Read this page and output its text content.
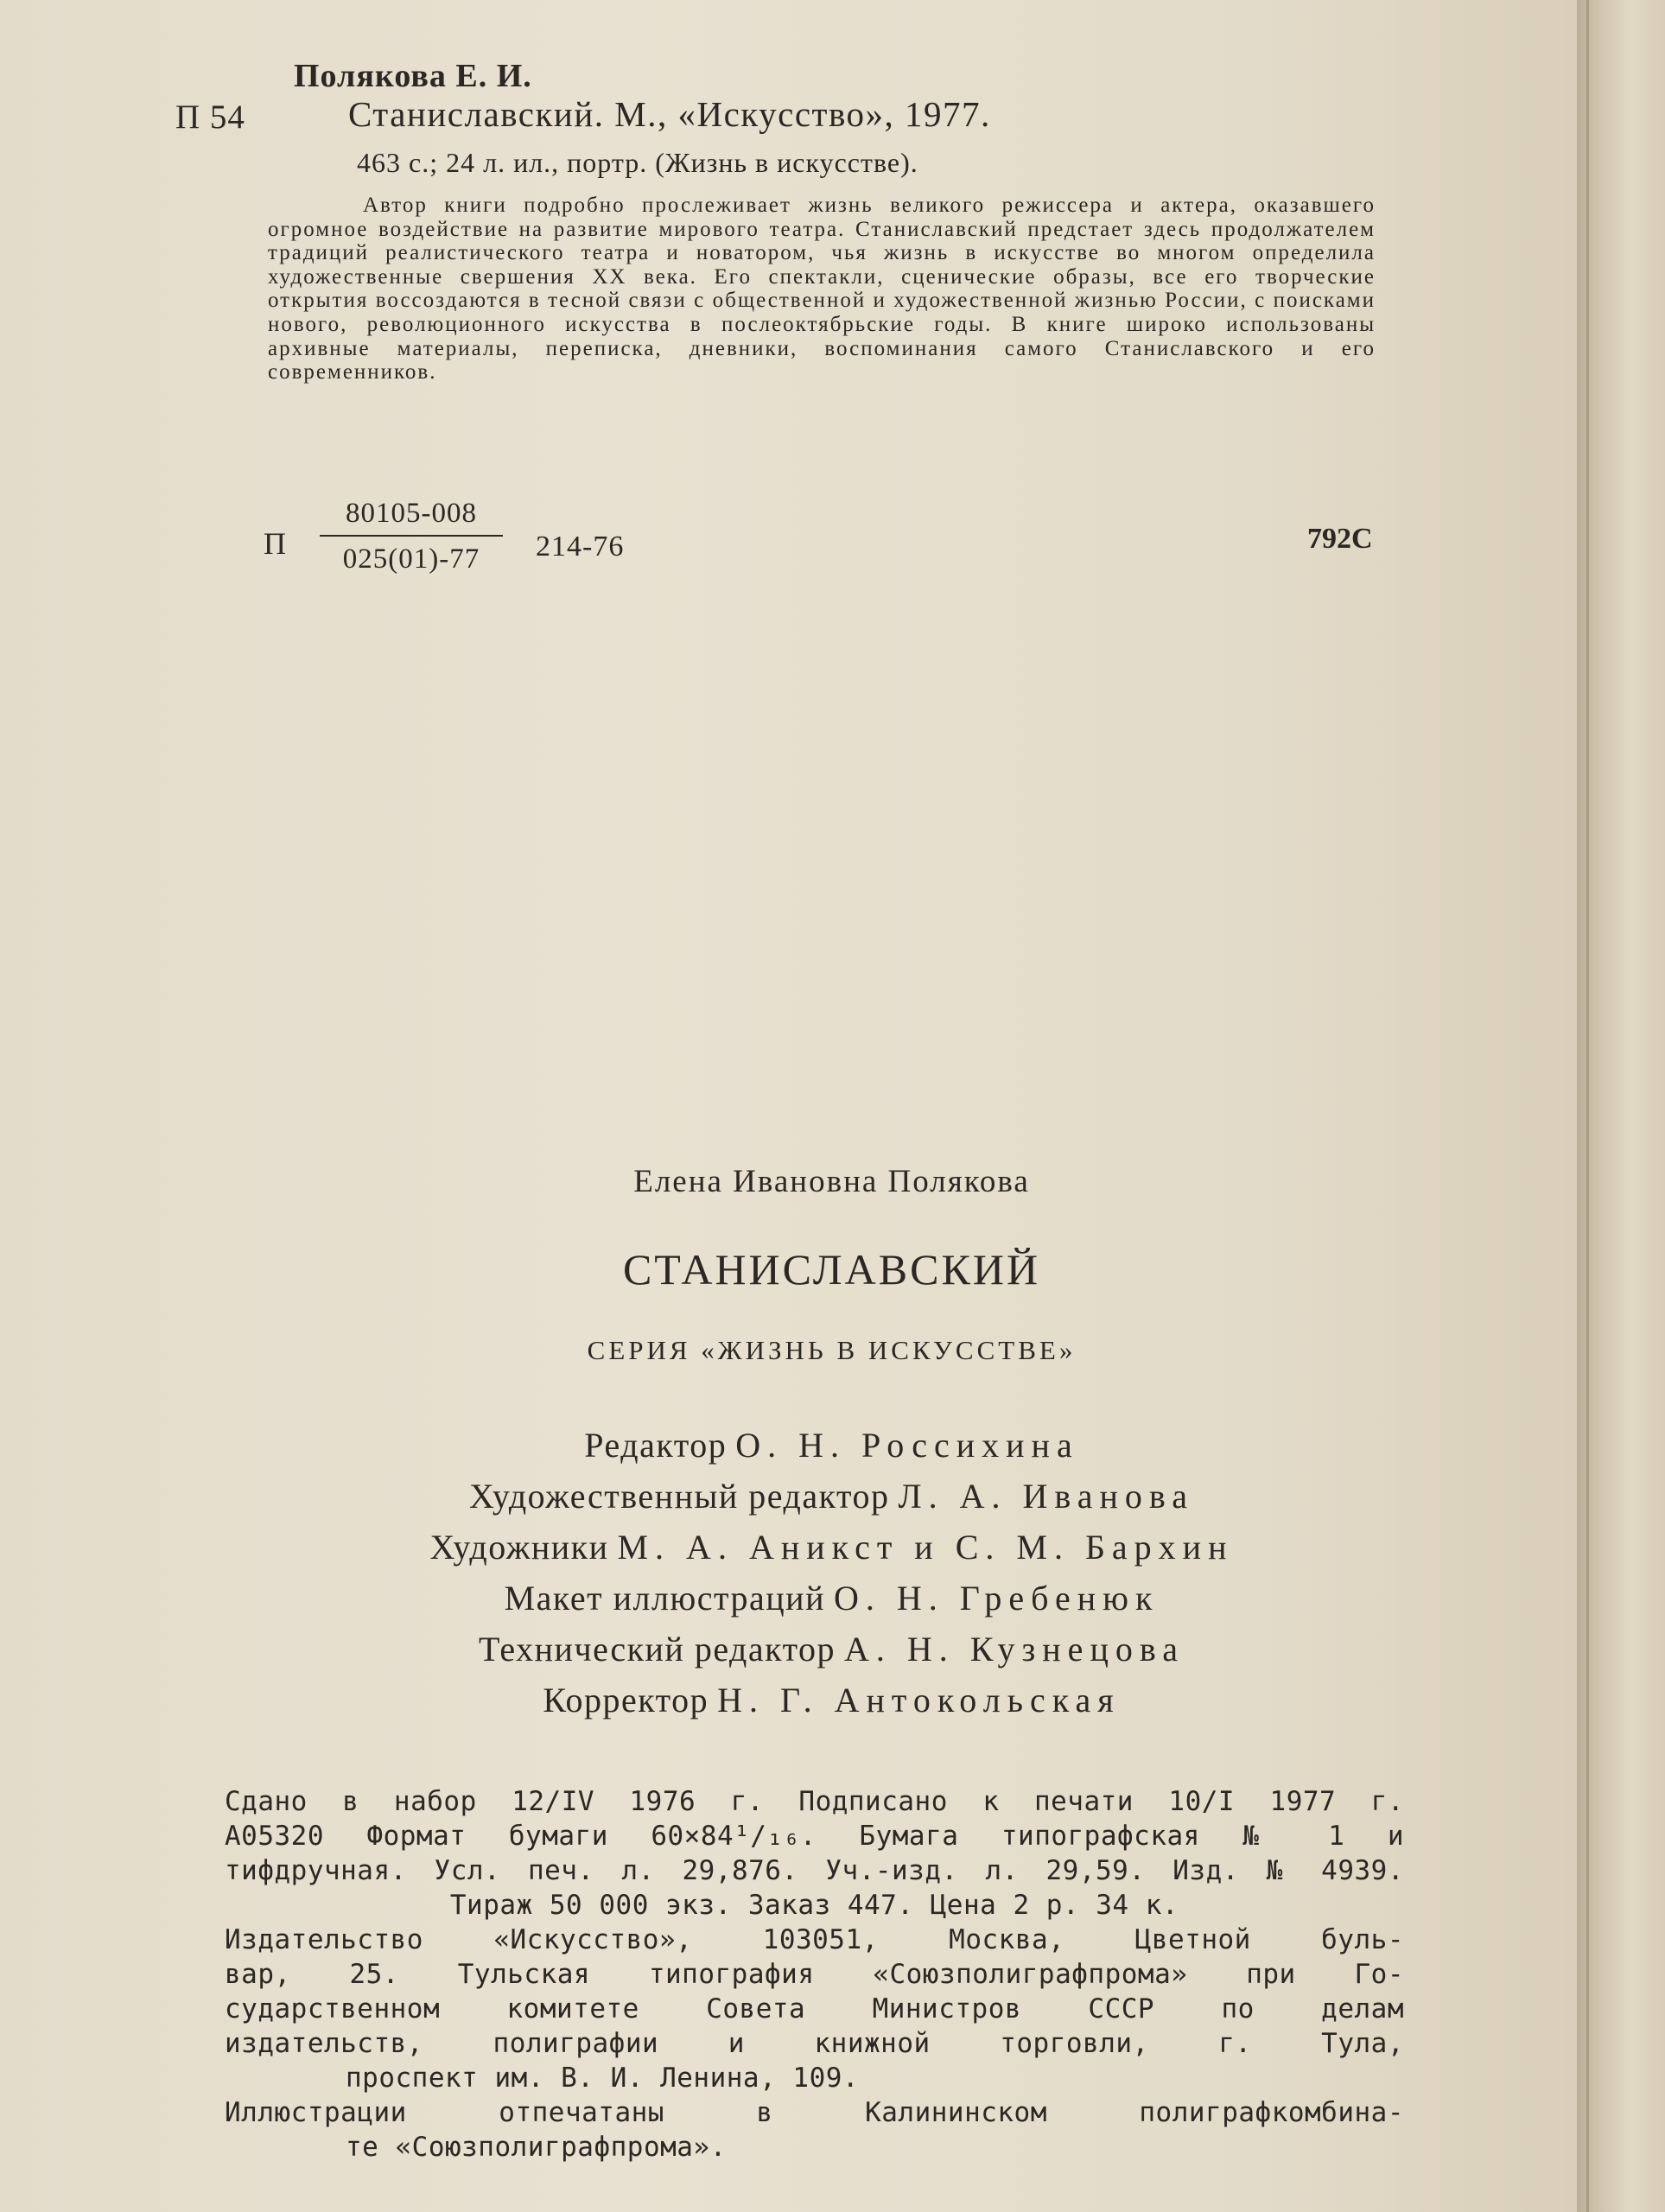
Полякова Е. И.
П 54	Станиславский. М., «Искусство», 1977.
463 с.; 24 л. ил., портр. (Жизнь в искусстве).

Автор книги подробно прослеживает жизнь великого режиссера и актера, оказавшего огромное воздействие на развитие мирового театра. Станиславский предстает здесь продолжателем традиций реалистического театра и новатором, чья жизнь в искусстве во многом определила художественные свершения XX века. Его спектакли, сценические образы, все его творческие открытия воссоздаются в тесной связи с общественной и художественной жизнью России, с поисками нового, революционного искусства в послеоктябрьские годы. В книге широко использованы архивные материалы, переписка, дневники, воспоминания самого Станиславского и его современников.

П
80105-008
025(01)-77	214-76	792С
Елена Ивановна Полякова
СТАНИСЛАВСКИЙ
СЕРИЯ «ЖИЗНЬ В ИСКУССТВЕ»
Редактор О. Н. Россихина
Художественный редактор Л. А. Иванова
Художники М. А. Аникст и С. М. Бархин
Макет иллюстраций О. Н. Гребенюк
Технический редактор А. Н. Кузнецова
Корректор Н. Г. Антокольская
Сдано в набор 12/IV 1976 г. Подписано к печати 10/I 1977 г.
А05320 Формат бумаги 60×84¹/₁₆. Бумага типографская № 1 и
тифдручная. Усл. печ. л. 29,876. Уч.-изд. л. 29,59. Изд. № 4939.
Тираж 50 000 экз. Заказ 447. Цена 2 р. 34 к.
Издательство «Искусство», 103051, Москва, Цветной буль-
вар, 25. Тульская типография «Союзполиграфпрома» при Го-
сударственном комитете Совета Министров СССР по делам
издательств, полиграфии и книжной торговли, г. Тула,
проспект им. В. И. Ленина, 109.
Иллюстрации отпечатаны в Калининском полиграфкомбина-
те «Союзполиграфпрома».
